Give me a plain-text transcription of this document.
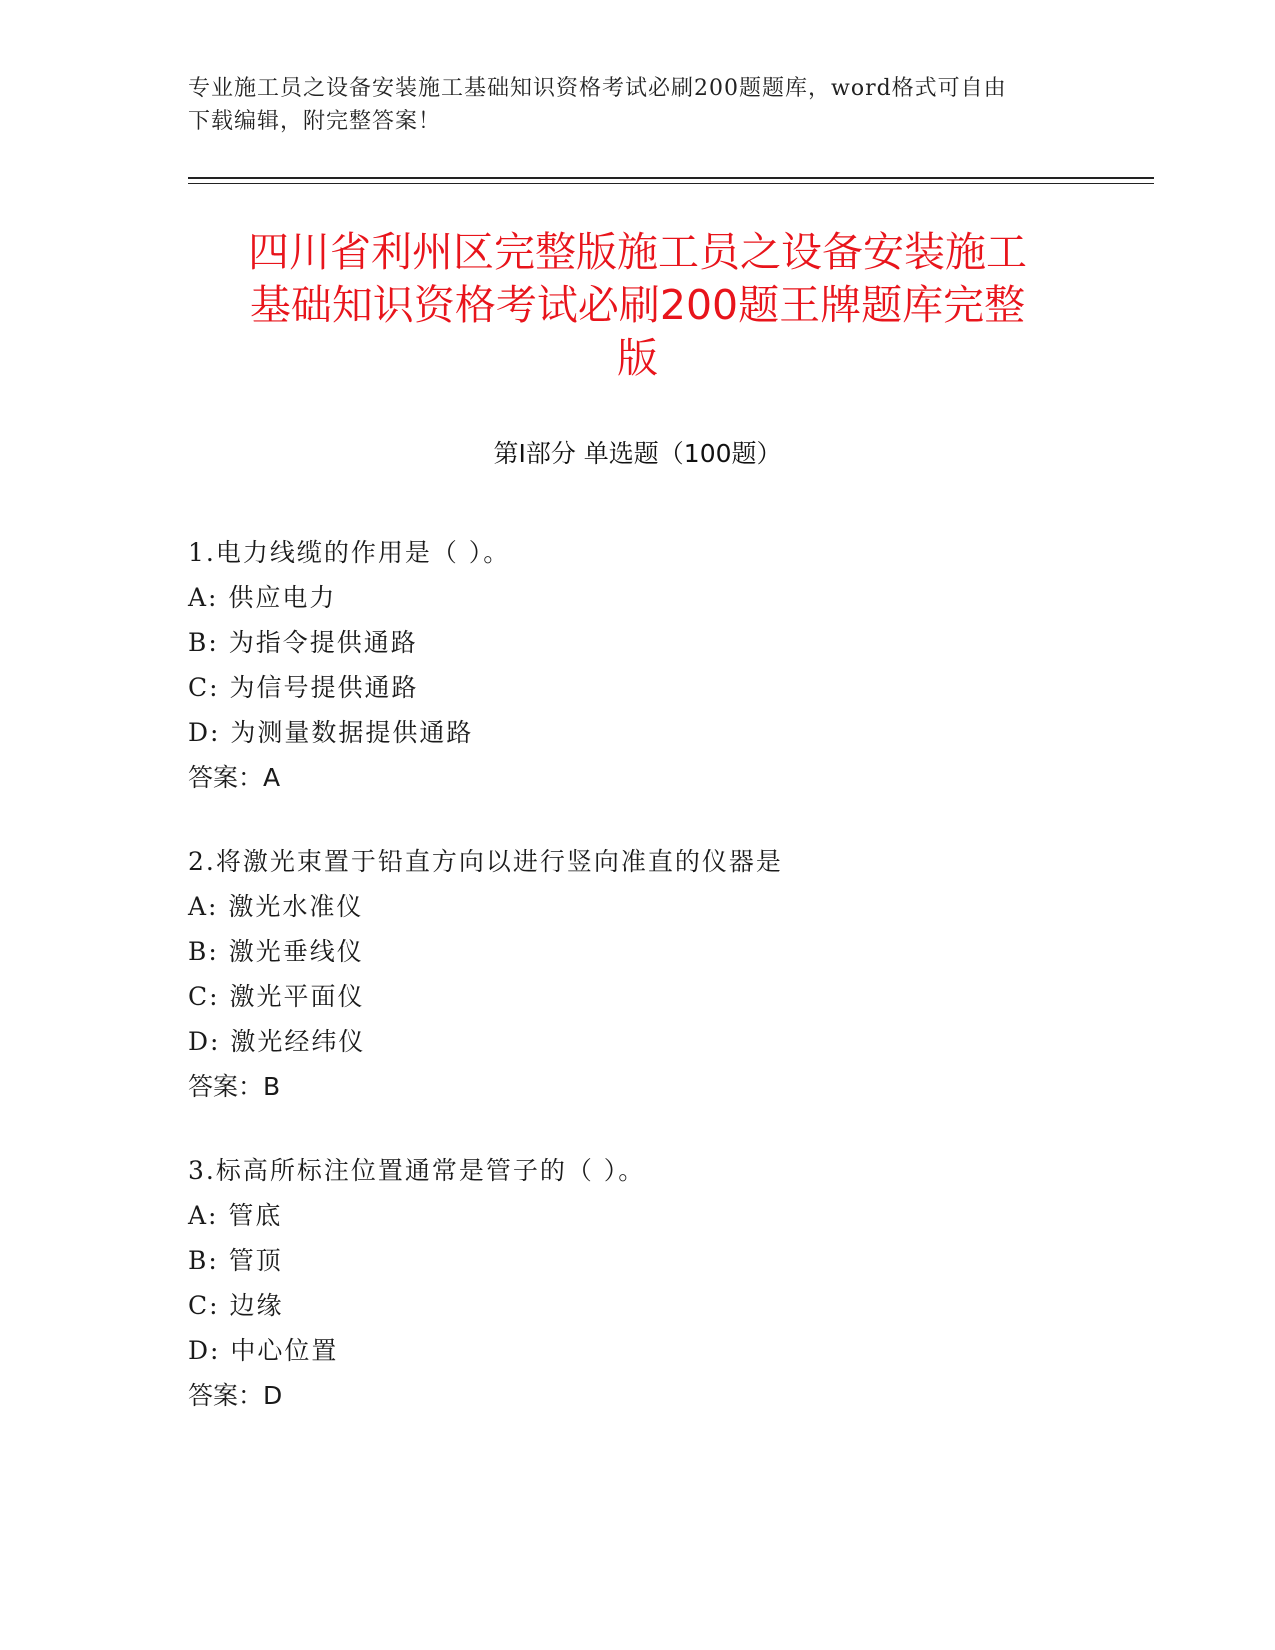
专业施工员之设备安装施工基础知识资格考试必刷200题题库，word格式可自由
下载编辑，附完整答案！
四川省利州区完整版施工员之设备安装施工
基础知识资格考试必刷200题王牌题库完整
版
第Ⅰ部分 单选题（100题）
1.电力线缆的作用是（ ）。
A: 供应电力
B: 为指令提供通路
C: 为信号提供通路
D: 为测量数据提供通路
答案：A
2.将激光束置于铅直方向以进行竖向准直的仪器是
A: 激光水准仪
B: 激光垂线仪
C: 激光平面仪
D: 激光经纬仪
答案：B
3.标高所标注位置通常是管子的（ ）。
A: 管底
B: 管顶
C: 边缘
D: 中心位置
答案：D
